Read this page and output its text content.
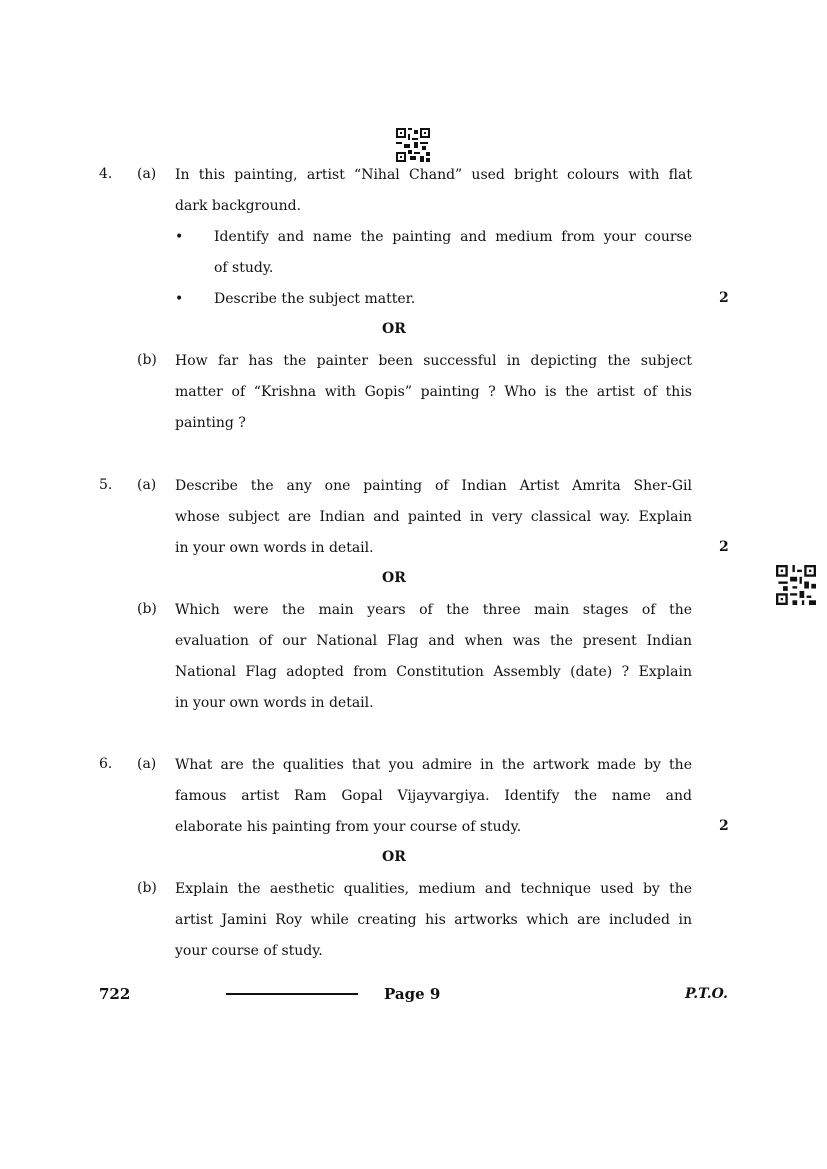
4. (a) In this painting, artist “Nihal Chand” used bright colours with flat
dark background.
• Identify and name the painting and medium from your course
of study.
• Describe the subject matter.	2
OR
(b) How far has the painter been successful in depicting the subject
matter of “Krishna with Gopis” painting ? Who is the artist of this
painting ?
5. (a) Describe the any one painting of Indian Artist Amrita Sher-Gil
whose subject are Indian and painted in very classical way. Explain
in your own words in detail.	2
OR
(b) Which were the main years of the three main stages of the
evaluation of our National Flag and when was the present Indian
National Flag adopted from Constitution Assembly (date) ? Explain
in your own words in detail.
6. (a) What are the qualities that you admire in the artwork made by the
famous artist Ram Gopal Vijayvargiya. Identify the name and
elaborate his painting from your course of study.	2
OR
(b) Explain the aesthetic qualities, medium and technique used by the
artist Jamini Roy while creating his artworks which are included in
your course of study.
722	Page 9	P.T.O.
